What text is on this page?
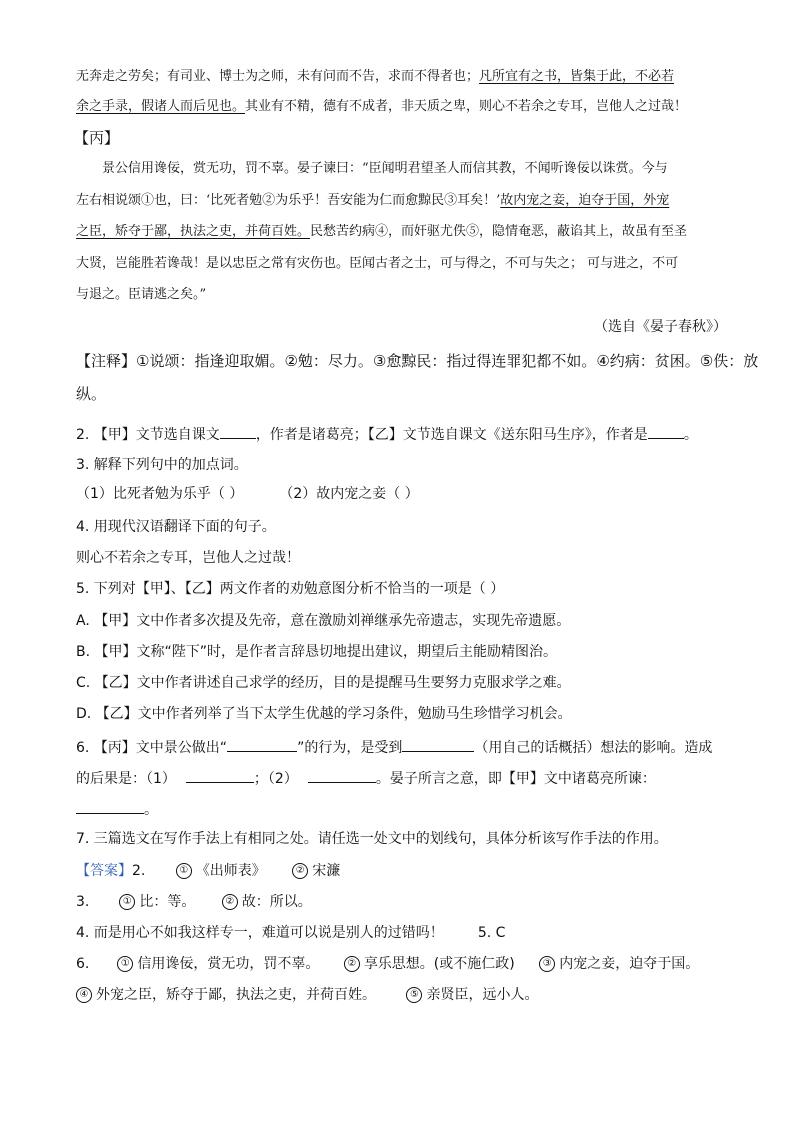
无奔走之劳矣；有司业、博士为之师，未有问而不告，求而不得者也；凡所宜有之书，皆集于此，不必若
余之手录，假诸人而后见也。其业有不精，德有不成者，非天质之卑，则心不若余之专耳，岂他人之过哉！
【丙】
景公信用谗佞，赏无功，罚不辜。晏子谏曰：“臣闻明君望圣人而信其教，不闻听谗佞以诛赏。今与
左右相说颂①也，曰：‘比死者勉②为乐乎！吾安能为仁而愈黥民③耳矣！’故内宠之妾，迫夺于国，外宠
之臣，矫夺于鄙，执法之吏，并荷百姓。民愁苦约病④，而奸驱尤佚⑤，隐情奄恶，蔽谄其上，故虽有至圣
大贤，岂能胜若谗哉！是以忠臣之常有灾伤也。臣闻古者之士，可与得之，不可与失之； 可与进之，不可
与退之。臣请逃之矣。”
（选自《晏子春秋》）
【注释】①说颂：指逢迎取媚。②勉：尽力。③愈黥民：指过得连罪犯都不如。④约病：贫困。⑤佚：放
纵。
2. 【甲】文节选自课文	，作者是诸葛亮；【乙】文节选自课文《送东阳马生序》，作者是	。
3. 解释下列句中的加点词。
（1）比死者勉为乐乎（ ）	（2）故内宠之妾（ ）
4. 用现代汉语翻译下面的句子。
则心不若余之专耳，岂他人之过哉！
5. 下列对【甲】、【乙】两文作者的劝勉意图分析不恰当的一项是（ ）
A. 【甲】文中作者多次提及先帝，意在激励刘禅继承先帝遗志，实现先帝遗愿。
B. 【甲】文称“陛下”时，是作者言辞恳切地提出建议，期望后主能励精图治。
C. 【乙】文中作者讲述自己求学的经历，目的是提醒马生要努力克服求学之难。
D. 【乙】文中作者列举了当下太学生优越的学习条件，勉励马生珍惜学习机会。
6. 【丙】文中景公做出“	”的行为，是受到	（用自己的话概括）想法的影响。造成
的后果是：（1）	；（2）	。晏子所言之意，即【甲】文中诸葛亮所谏：
。
7. 三篇选文在写作手法上有相同之处。请任选一处文中的划线句，具体分析该写作手法的作用。
【答案】2.	① 《出师表》	② 宋濂
3.	① 比：等。	② 故：所以。
4. 而是用心不如我这样专一，难道可以说是别人的过错吗！ 5. C
6.	① 信用谗佞，赏无功，罚不辜。	② 享乐思想。(或不施仁政)	③ 内宠之妾，迫夺于国。
④ 外宠之臣，矫夺于鄙，执法之吏，并荷百姓。	⑤ 亲贤臣，远小人。
